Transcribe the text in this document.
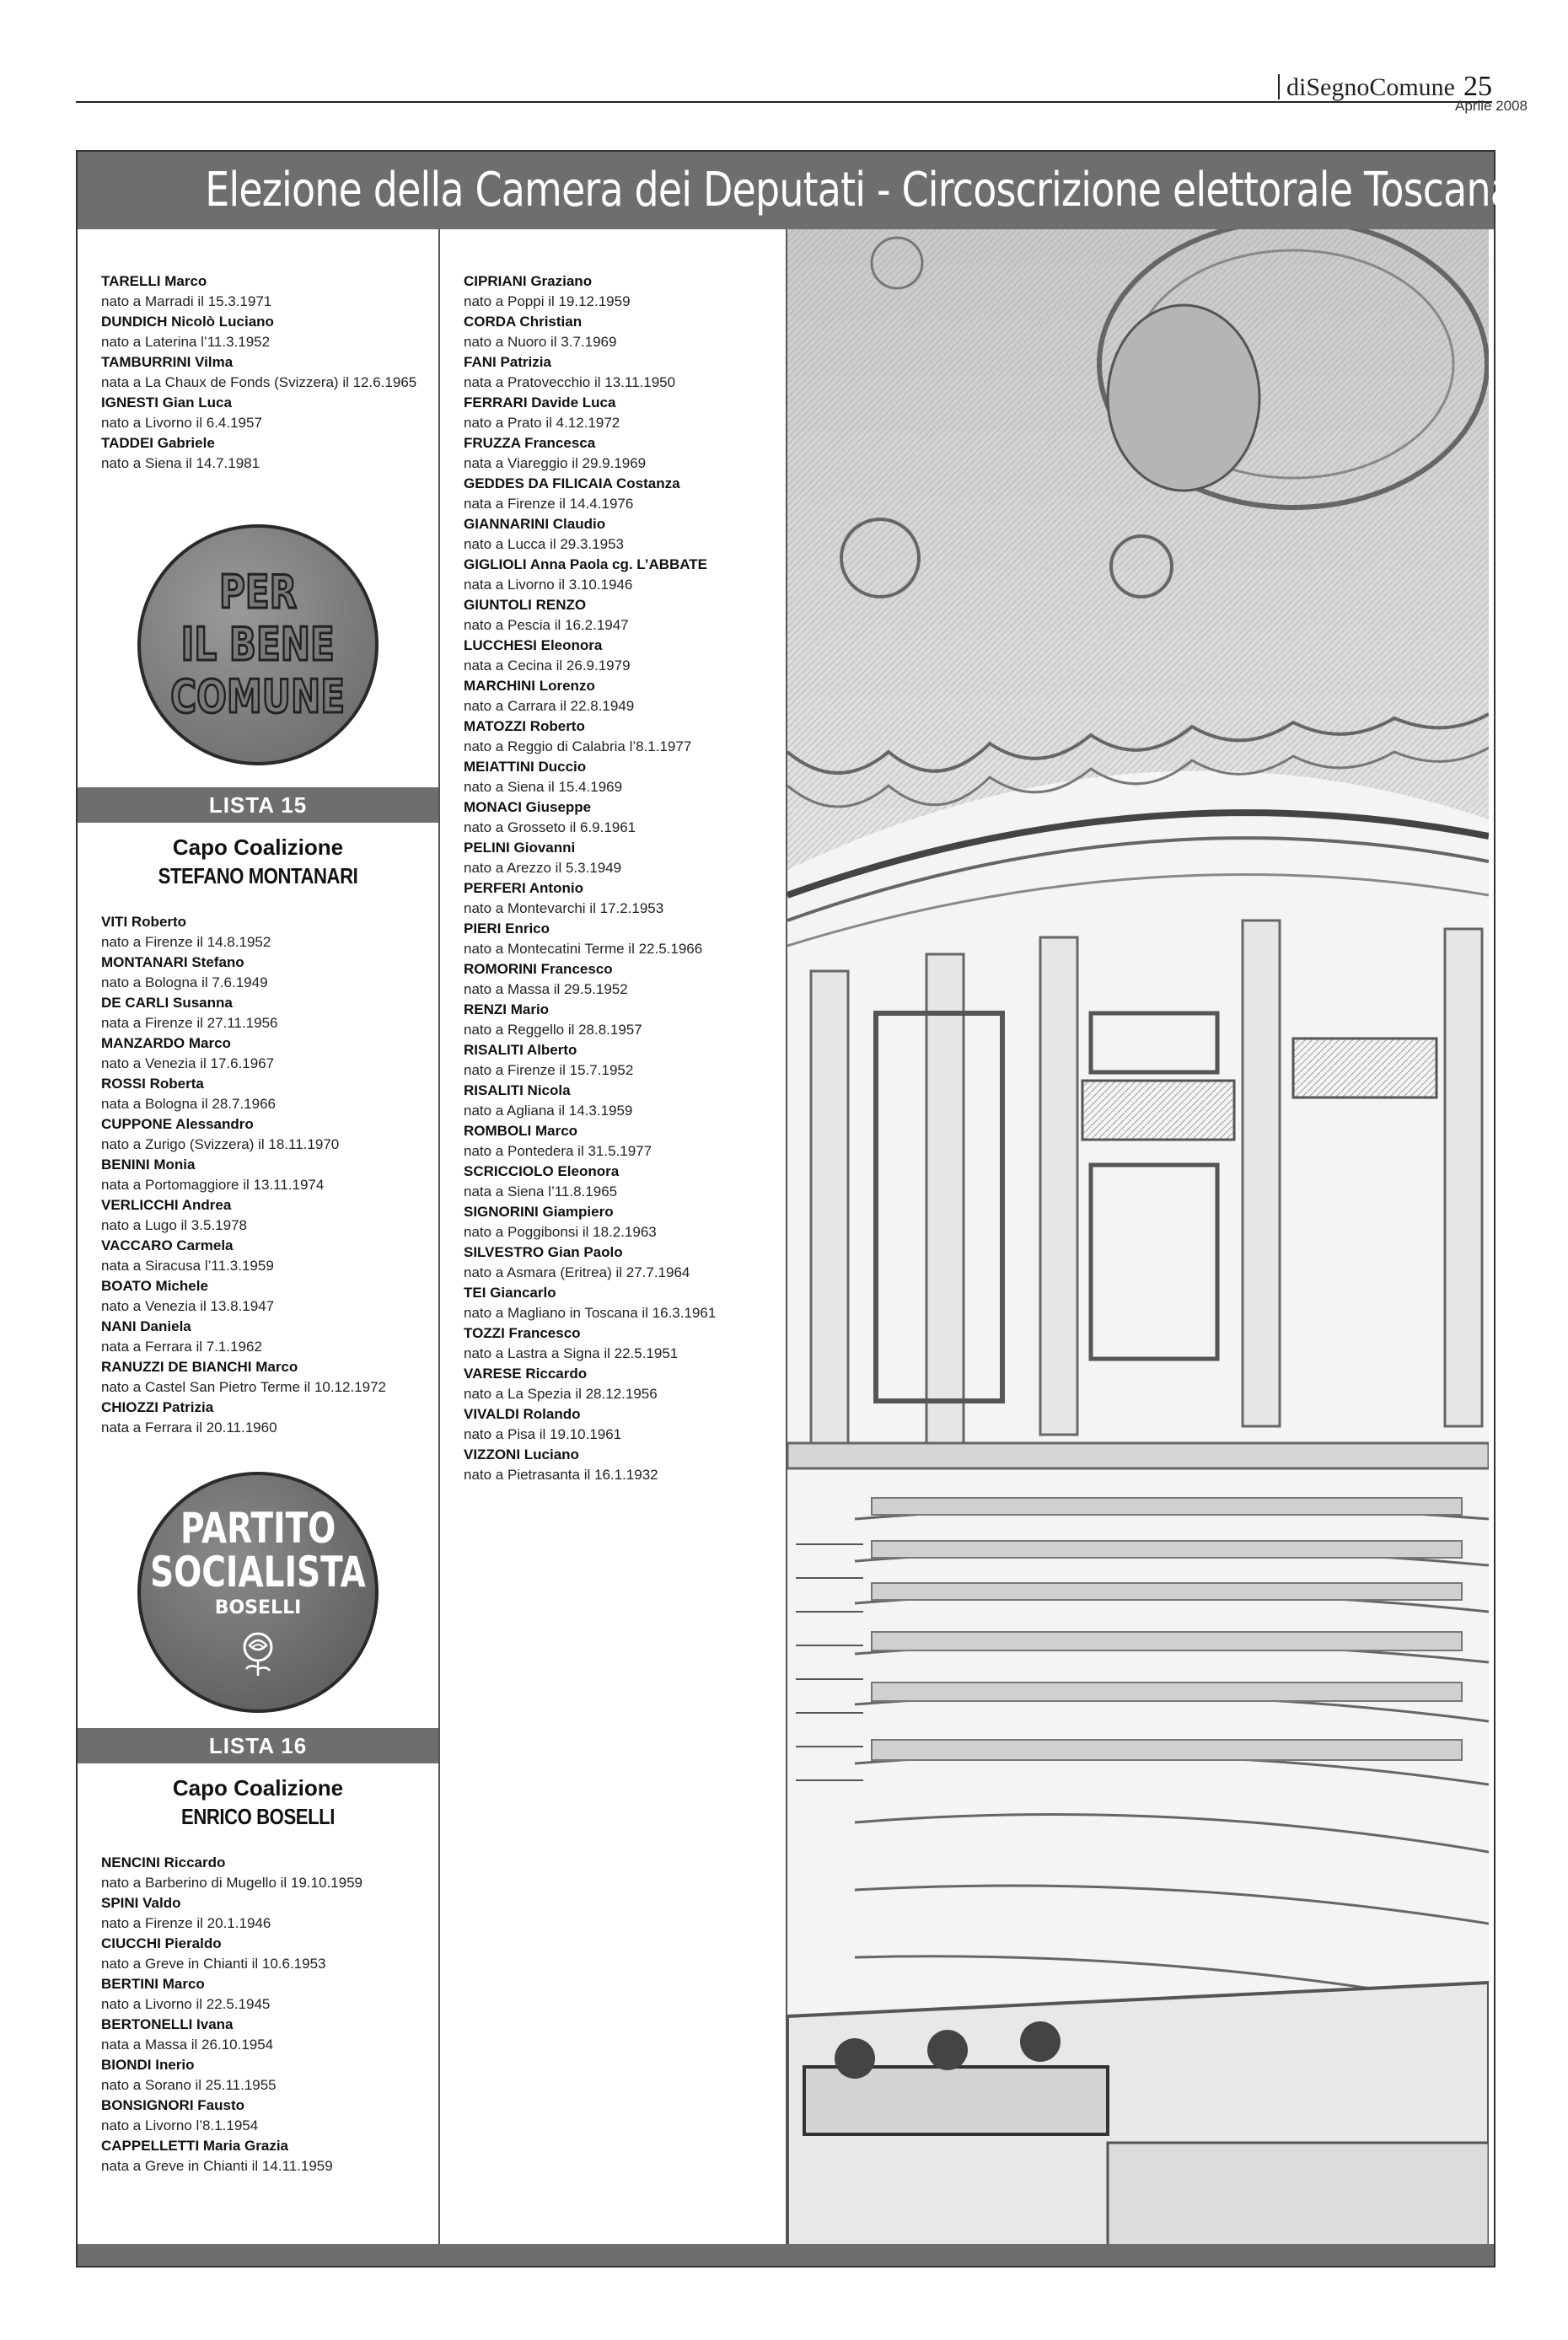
diSegnoComune 25
Aprile 2008
Elezione della Camera dei Deputati - Circoscrizione elettorale Toscana
TARELLI Marco
nato a Marradi il 15.3.1971
DUNDICH Nicolò Luciano
nato a Laterina l’11.3.1952
TAMBURRINI Vilma
nata a La Chaux de Fonds (Svizzera) il 12.6.1965
IGNESTI Gian Luca
nato a Livorno il 6.4.1957
TADDEI Gabriele
nato a Siena il 14.7.1981
PER
IL BENE
COMUNE
LISTA 15
Capo Coalizione
STEFANO MONTANARI
VITI Roberto
nato a Firenze il 14.8.1952
MONTANARI Stefano
nato a Bologna il 7.6.1949
DE CARLI Susanna
nata a Firenze il 27.11.1956
MANZARDO Marco
nato a Venezia il 17.6.1967
ROSSI Roberta
nata a Bologna il 28.7.1966
CUPPONE Alessandro
nato a Zurigo (Svizzera) il 18.11.1970
BENINI Monia
nata a Portomaggiore il 13.11.1974
VERLICCHI Andrea
nato a Lugo il 3.5.1978
VACCARO Carmela
nata a Siracusa l’11.3.1959
BOATO Michele
nato a Venezia il 13.8.1947
NANI Daniela
nata a Ferrara il 7.1.1962
RANUZZI DE BIANCHI Marco
nato a Castel San Pietro Terme il 10.12.1972
CHIOZZI Patrizia
nata a Ferrara il 20.11.1960
PARTITO
SOCIALISTA
BOSELLI
LISTA 16
Capo Coalizione
ENRICO BOSELLI
NENCINI Riccardo
nato a Barberino di Mugello il 19.10.1959
SPINI Valdo
nato a Firenze il 20.1.1946
CIUCCHI Pieraldo
nato a Greve in Chianti il 10.6.1953
BERTINI Marco
nato a Livorno il 22.5.1945
BERTONELLI Ivana
nata a Massa il 26.10.1954
BIONDI Inerio
nato a Sorano il 25.11.1955
BONSIGNORI Fausto
nato a Livorno l’8.1.1954
CAPPELLETTI Maria Grazia
nata a Greve in Chianti il 14.11.1959
CIPRIANI Graziano
nato a Poppi il 19.12.1959
CORDA Christian
nato a Nuoro il 3.7.1969
FANI Patrizia
nata a Pratovecchio il 13.11.1950
FERRARI Davide Luca
nato a Prato il 4.12.1972
FRUZZA Francesca
nata a Viareggio il 29.9.1969
GEDDES DA FILICAIA Costanza
nata a Firenze il 14.4.1976
GIANNARINI Claudio
nato a Lucca il 29.3.1953
GIGLIOLI Anna Paola cg. L’ABBATE
nata a Livorno il 3.10.1946
GIUNTOLI RENZO
nato a Pescia il 16.2.1947
LUCCHESI Eleonora
nata a Cecina il 26.9.1979
MARCHINI Lorenzo
nato a Carrara il 22.8.1949
MATOZZI Roberto
nato a Reggio di Calabria l’8.1.1977
MEIATTINI Duccio
nato a Siena il 15.4.1969
MONACI Giuseppe
nato a Grosseto il 6.9.1961
PELINI Giovanni
nato a Arezzo il 5.3.1949
PERFERI Antonio
nato a Montevarchi il 17.2.1953
PIERI Enrico
nato a Montecatini Terme il 22.5.1966
ROMORINI Francesco
nato a Massa il 29.5.1952
RENZI Mario
nato a Reggello il 28.8.1957
RISALITI Alberto
nato a Firenze il 15.7.1952
RISALITI Nicola
nato a Agliana il 14.3.1959
ROMBOLI Marco
nato a Pontedera il 31.5.1977
SCRICCIOLO Eleonora
nata a Siena l’11.8.1965
SIGNORINI Giampiero
nato a Poggibonsi il 18.2.1963
SILVESTRO Gian Paolo
nato a Asmara (Eritrea) il 27.7.1964
TEI Giancarlo
nato a Magliano in Toscana il 16.3.1961
TOZZI Francesco
nato a Lastra a Signa il 22.5.1951
VARESE Riccardo
nato a La Spezia il 28.12.1956
VIVALDI Rolando
nato a Pisa il 19.10.1961
VIZZONI Luciano
nato a Pietrasanta il 16.1.1932
